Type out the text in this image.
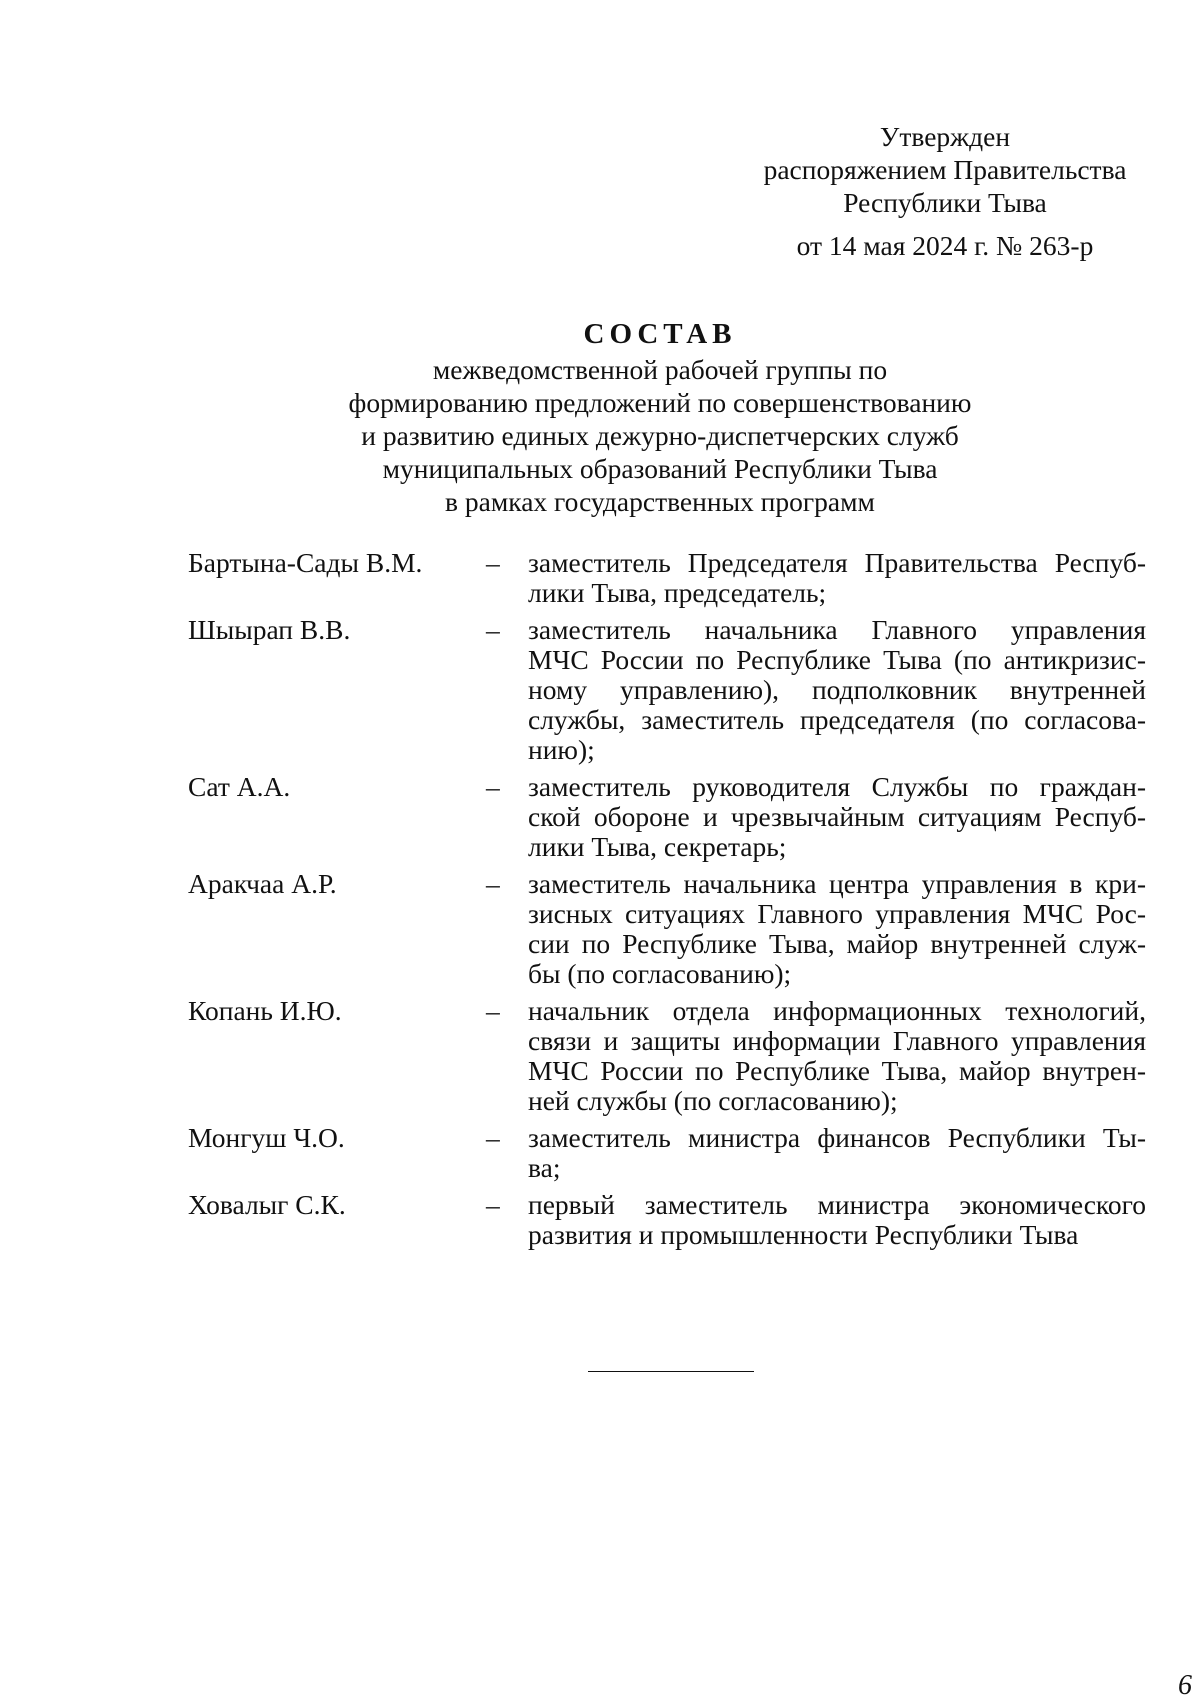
Утвержден
распоряжением Правительства
Республики Тыва
от 14 мая 2024 г. № 263-р
СОСТАВ
межведомственной рабочей группы по
формированию предложений по совершенствованию
и развитию единых дежурно-диспетчерских служб
муниципальных образований Республики Тыва
в рамках государственных программ
Бартына-Сады В.М.	–	заместитель Председателя Правительства Респуб-
лики Тыва, председатель;
Шыырап В.В.	–	заместитель начальника Главного управления
МЧС России по Республике Тыва (по антикризис-
ному управлению), подполковник внутренней
службы, заместитель председателя (по согласова-
нию);
Сат А.А.	–	заместитель руководителя Службы по граждан-
ской обороне и чрезвычайным ситуациям Респуб-
лики Тыва, секретарь;
Аракчаа А.Р.	–	заместитель начальника центра управления в кри-
зисных ситуациях Главного управления МЧС Рос-
сии по Республике Тыва, майор внутренней служ-
бы (по согласованию);
Копань И.Ю.	–	начальник отдела информационных технологий,
связи и защиты информации Главного управления
МЧС России по Республике Тыва, майор внутрен-
ней службы (по согласованию);
Монгуш Ч.О.	–	заместитель министра финансов Республики Ты-
ва;
Ховалыг С.К.	–	первый заместитель министра экономического
развития и промышленности Республики Тыва
6
